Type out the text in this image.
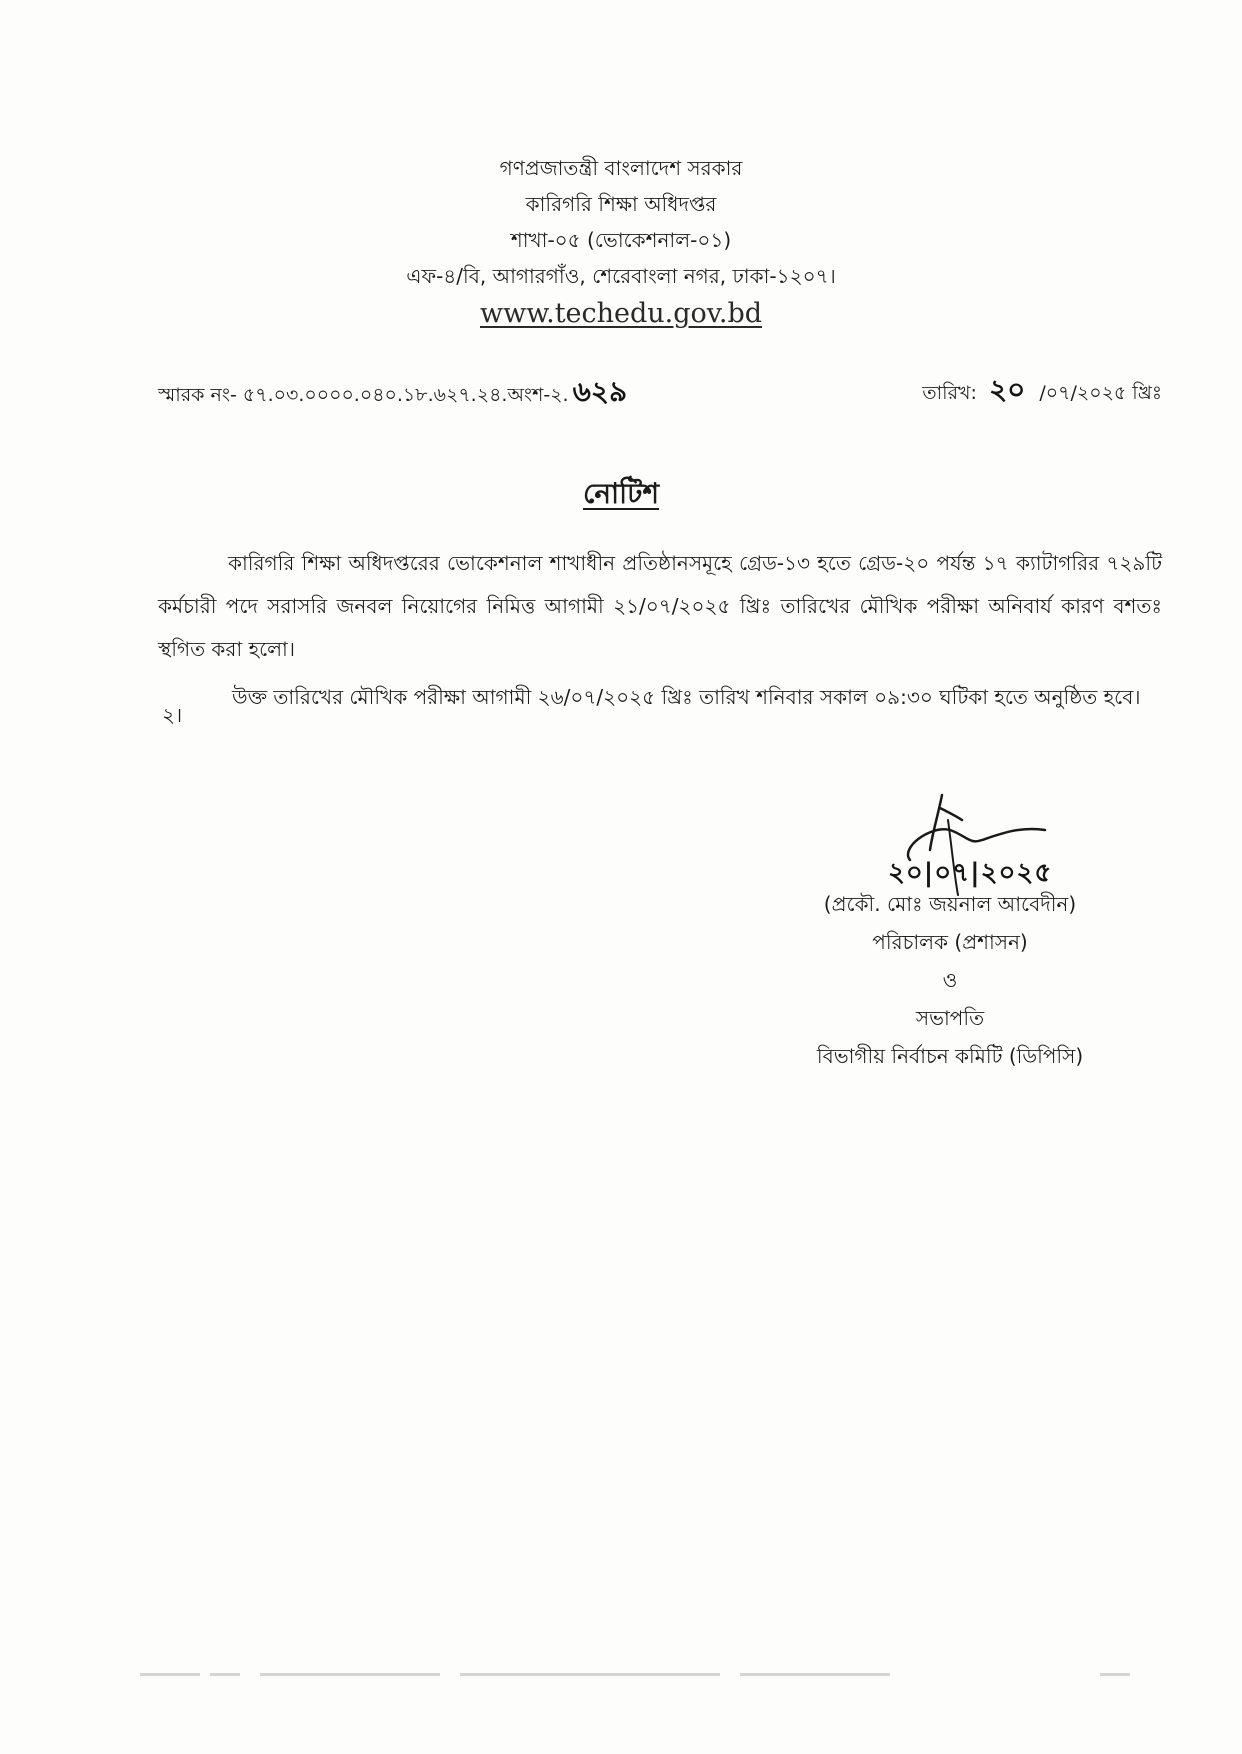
গণপ্রজাতন্ত্রী বাংলাদেশ সরকার
কারিগরি শিক্ষা অধিদপ্তর
শাখা-০৫ (ভোকেশনাল-০১)
এফ-৪/বি, আগারগাঁও, শেরেবাংলা নগর, ঢাকা-১২০৭।
www.techedu.gov.bd
স্মারক নং- ৫৭.০৩.০০০০.০৪০.১৮.৬২৭.২৪.অংশ-২. ৬২৯	তারিখ: ২০ /০৭/২০২৫ খ্রিঃ
নোটিশ
কারিগরি শিক্ষা অধিদপ্তরের ভোকেশনাল শাখাধীন প্রতিষ্ঠানসমূহে গ্রেড-১৩ হতে গ্রেড-২০ পর্যন্ত ১৭ ক্যাটাগরির ৭২৯টি কর্মচারী পদে সরাসরি জনবল নিয়োগের নিমিত্ত আগামী ২১/০৭/২০২৫ খ্রিঃ তারিখের মৌখিক পরীক্ষা অনিবার্য কারণ বশতঃ স্থগিত করা হলো।
২।
উক্ত তারিখের মৌখিক পরীক্ষা আগামী ২৬/০৭/২০২৫ খ্রিঃ তারিখ শনিবার সকাল ০৯:৩০ ঘটিকা হতে অনুষ্ঠিত হবে।
২০|০৭|২০২৫
(প্রকৌ. মোঃ জয়নাল আবেদীন)
পরিচালক (প্রশাসন)
ও
সভাপতি
বিভাগীয় নির্বাচন কমিটি (ডিপিসি)
